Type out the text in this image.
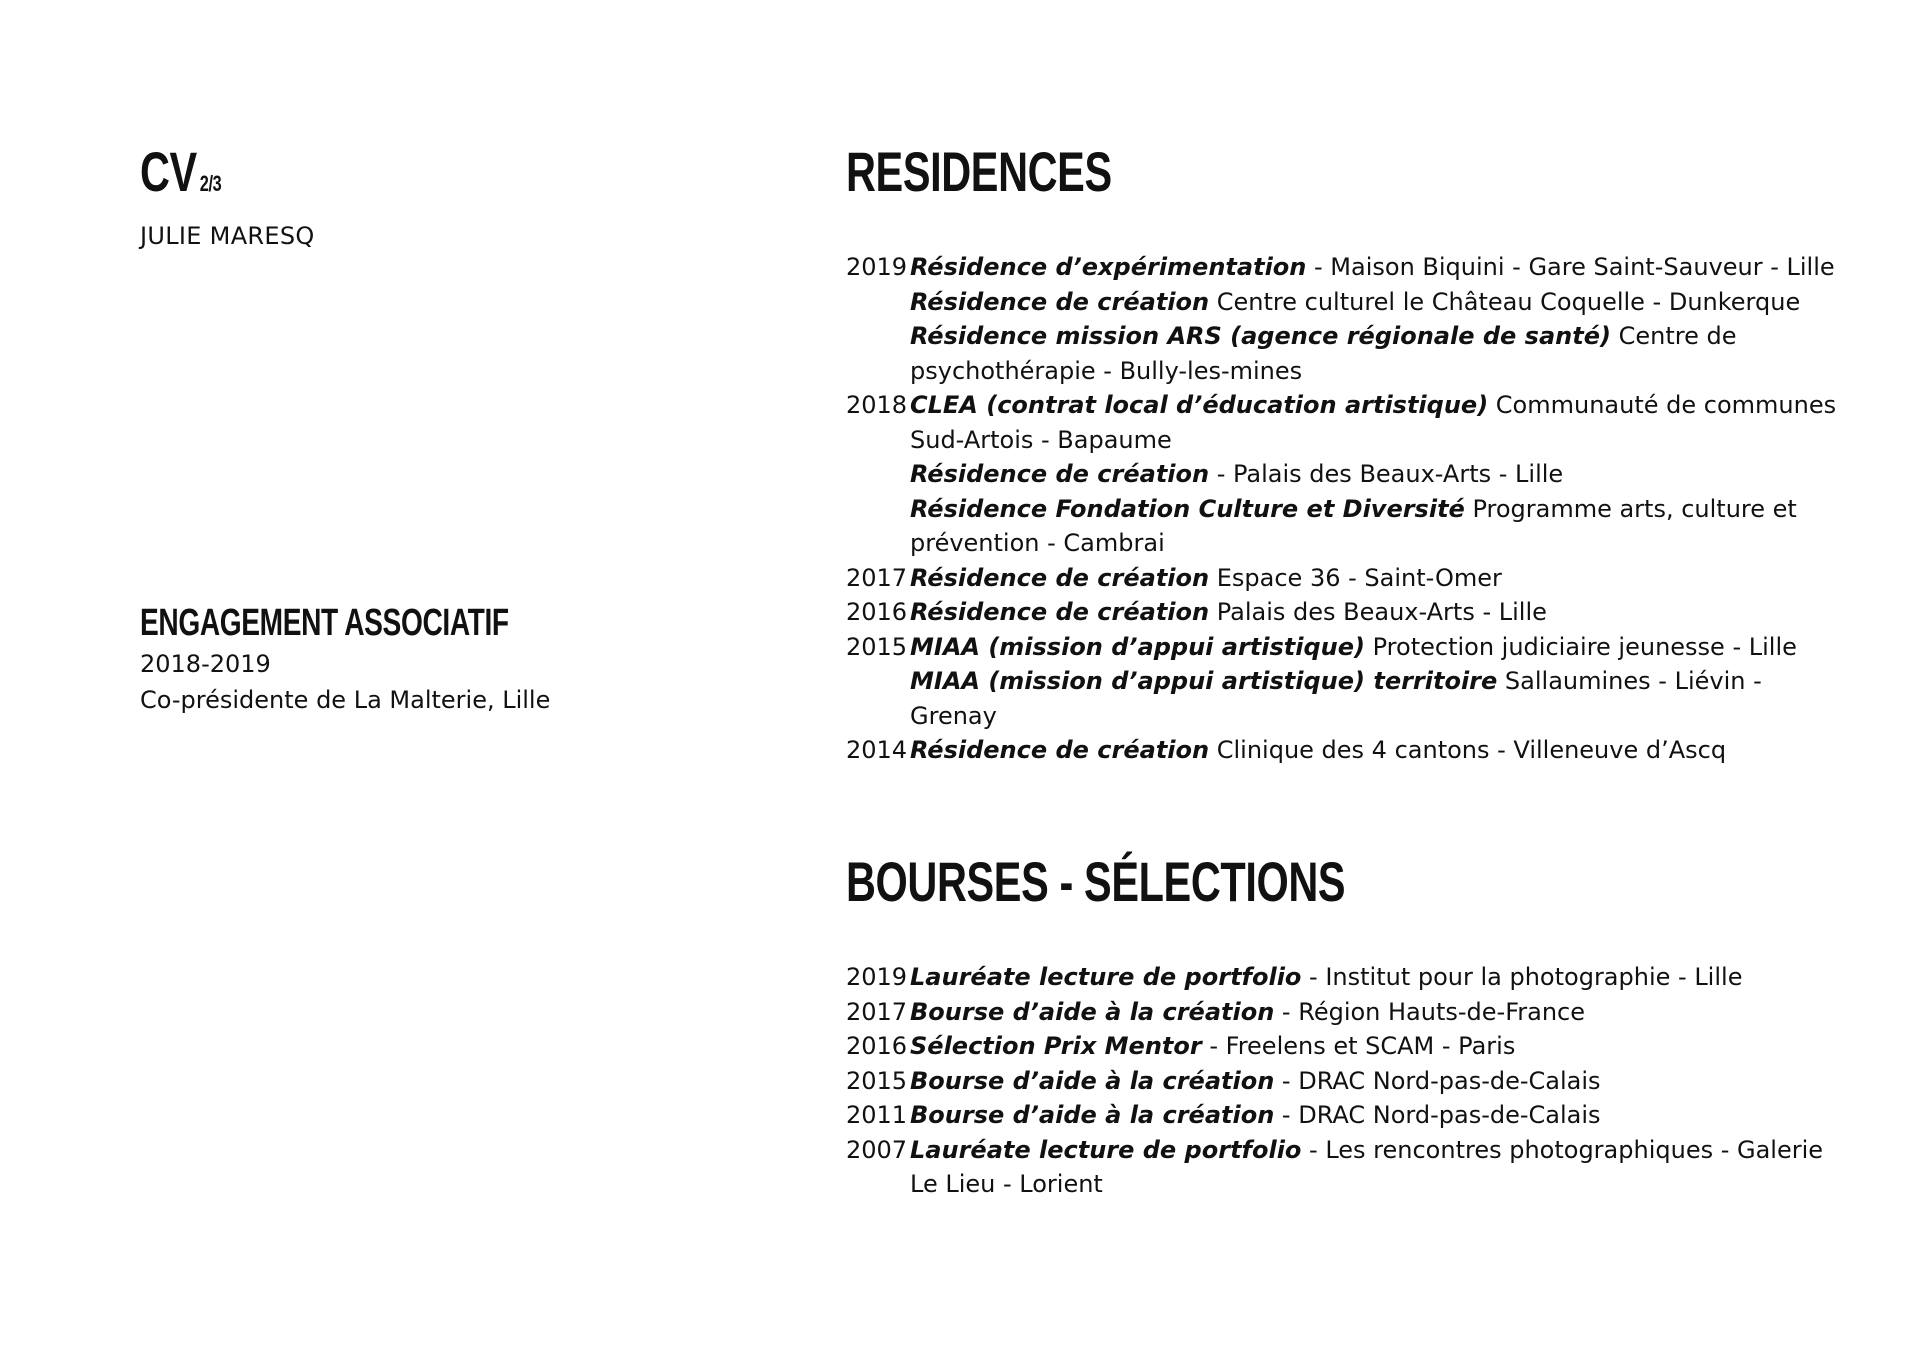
CV 2/3
JULIE MARESQ
ENGAGEMENT ASSOCIATIF
2018-2019
Co-présidente de La Malterie, Lille
RESIDENCES
2019 Résidence d’expérimentation - Maison Biquini - Gare Saint-Sauveur - Lille
Résidence de création Centre culturel le Château Coquelle - Dunkerque
Résidence mission ARS (agence régionale de santé) Centre de psychothérapie - Bully-les-mines
2018 CLEA (contrat local d’éducation artistique) Communauté de communes Sud-Artois - Bapaume
Résidence de création - Palais des Beaux-Arts - Lille
Résidence Fondation Culture et Diversité Programme arts, culture et prévention - Cambrai
2017 Résidence de création Espace 36 - Saint-Omer
2016 Résidence de création Palais des Beaux-Arts - Lille
2015 MIAA (mission d’appui artistique) Protection judiciaire jeunesse - Lille
MIAA (mission d’appui artistique) territoire Sallaumines - Liévin - Grenay
2014 Résidence de création Clinique des 4 cantons - Villeneuve d’Ascq
BOURSES - SÉLECTIONS
2019 Lauréate lecture de portfolio - Institut pour la photographie - Lille
2017 Bourse d’aide à la création - Région Hauts-de-France
2016 Sélection Prix Mentor - Freelens et SCAM - Paris
2015 Bourse d’aide à la création - DRAC Nord-pas-de-Calais
2011 Bourse d’aide à la création - DRAC Nord-pas-de-Calais
2007 Lauréate lecture de portfolio - Les rencontres photographiques - Galerie Le Lieu - Lorient
